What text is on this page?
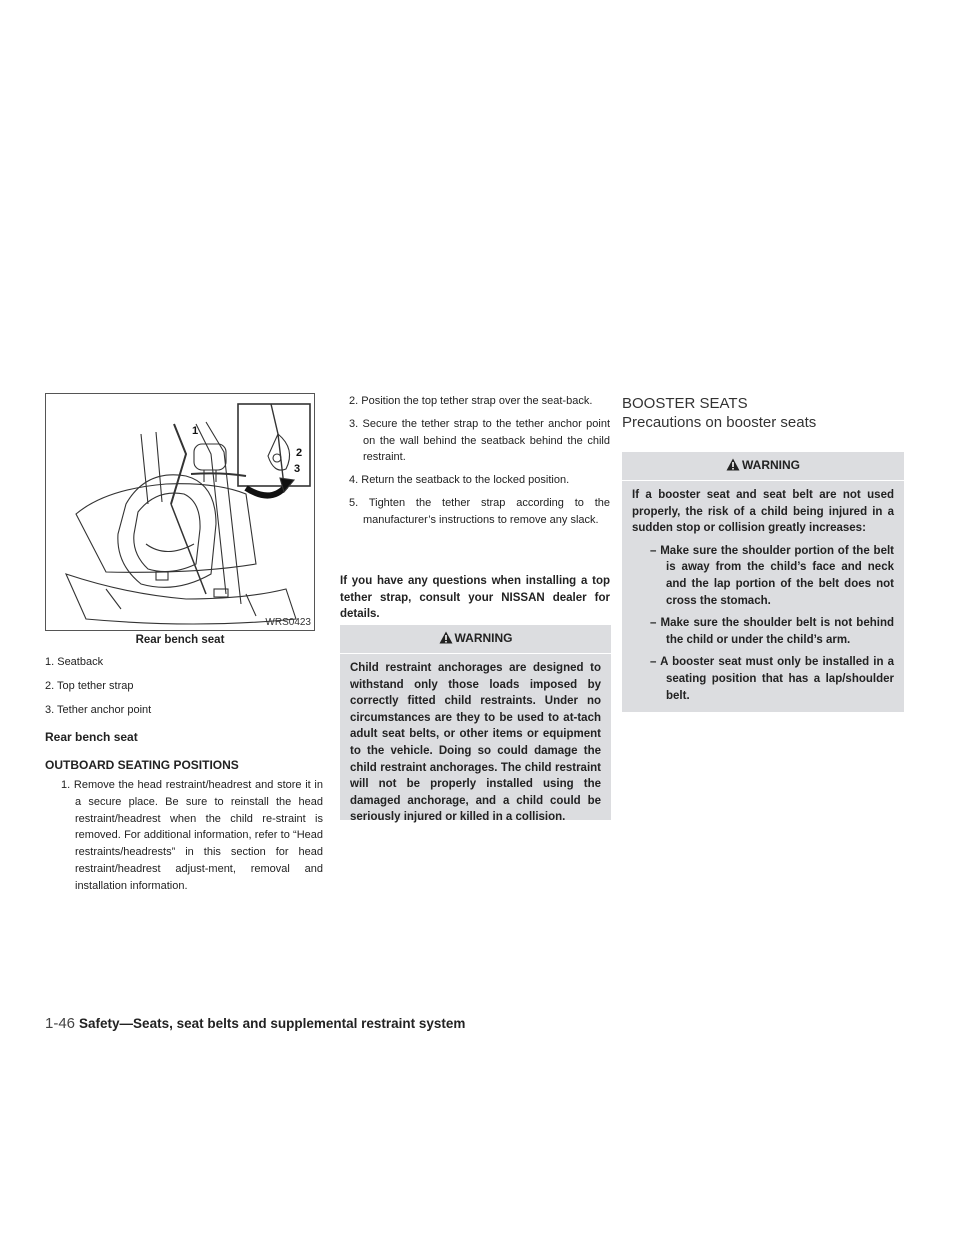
1
2
3
WRS0423
Rear bench seat
1. Seatback
2. Top tether strap
3. Tether anchor point
Rear bench seat
OUTBOARD SEATING POSITIONS
1. Remove the head restraint/headrest and store it in a secure place. Be sure to reinstall the head restraint/headrest when the child re-straint is removed. For additional information, refer to “Head restraints/headrests” in this section for head restraint/headrest adjust-ment, removal and installation information.
2. Position the top tether strap over the seat-back.
3. Secure the tether strap to the tether anchor point on the wall behind the seatback behind the child restraint.
4. Return the seatback to the locked position.
5. Tighten the tether strap according to the manufacturer’s instructions to remove any slack.
If you have any questions when installing a top tether strap, consult your NISSAN dealer for details.
WARNING
Child restraint anchorages are designed to withstand only those loads imposed by correctly fitted child restraints. Under no circumstances are they to be used to at-tach adult seat belts, or other items or equipment to the vehicle. Doing so could damage the child restraint anchorages. The child restraint will not be properly installed using the damaged anchorage, and a child could be seriously injured or killed in a collision.
BOOSTER SEATS
Precautions on booster seats
WARNING
If a booster seat and seat belt are not used properly, the risk of a child being injured in a sudden stop or collision greatly increases:
– Make sure the shoulder portion of the belt is away from the child’s face and neck and the lap portion of the belt does not cross the stomach.
– Make sure the shoulder belt is not behind the child or under the child’s arm.
– A booster seat must only be installed in a seating position that has a lap/shoulder belt.
1-46 Safety—Seats, seat belts and supplemental restraint system
